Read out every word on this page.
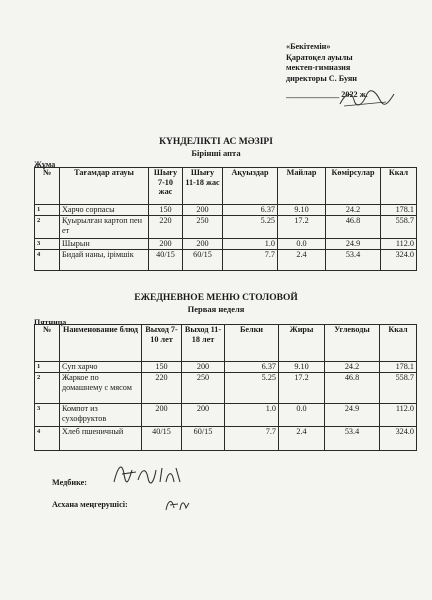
«Бекітемін»
Қаратоқел ауылы
мектеп-гимназия
директоры С. Буян
_____________ 2022 ж.
КҮНДЕЛІКТІ АС МӘЗІРІ
Бірінші апта
Жұма
№	Тағамдар атауы	Шығу 7-10 жас	Шығу 11-18 жас	Ақуыздар	Майлар	Көмірсулар	Ккал
1	Харчо сорпасы	150	200	6.37	9.10	24.2	178.1
2	Қуырылған картоп пен ет	220	250	5.25	17.2	46.8	558.7
3	Шырын	200	200	1.0	0.0	24.9	112.0
4	Бидай наны, ірімшік	40/15	60/15	7.7	2.4	53.4	324.0
ЕЖЕДНЕВНОЕ МЕНЮ СТОЛОВОЙ
Первая неделя
Пятница
№	Наименование блюд	Выход 7-10 лет	Выход 11-18 лет	Белки	Жиры	Углеводы	Ккал
1	Суп харчо	150	200	6.37	9.10	24.2	178.1
2	Жаркое по домашнему с мясом	220	250	5.25	17.2	46.8	558.7
3	Компот из сухофруктов	200	200	1.0	0.0	24.9	112.0
4	Хлеб пшеничный	40/15	60/15	7.7	2.4	53.4	324.0
Медбике:
Асхана меңгерушісі:
